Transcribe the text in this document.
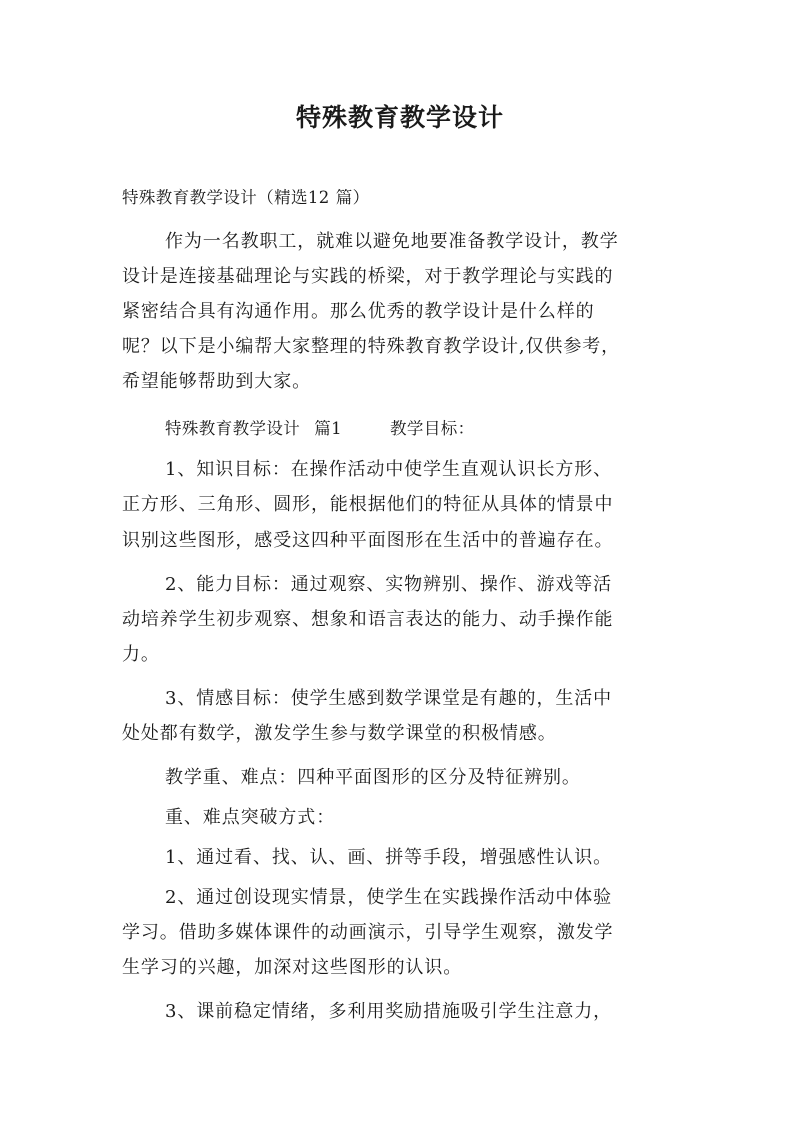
特殊教育教学设计
特殊教育教学设计（精选12 篇）
作为一名教职工，就难以避免地要准备教学设计，教学
设计是连接基础理论与实践的桥梁，对于教学理论与实践的
紧密结合具有沟通作用。那么优秀的教学设计是什么样的
呢？以下是小编帮大家整理的特殊教育教学设计,仅供参考，
希望能够帮助到大家。
特殊教育教学设计 篇1	教学目标：
1、知识目标：在操作活动中使学生直观认识长方形、
正方形、三角形、圆形，能根据他们的特征从具体的情景中
识别这些图形，感受这四种平面图形在生活中的普遍存在。
2、能力目标：通过观察、实物辨别、操作、游戏等活
动培养学生初步观察、想象和语言表达的能力、动手操作能
力。
3、情感目标：使学生感到数学课堂是有趣的，生活中
处处都有数学，激发学生参与数学课堂的积极情感。
教学重、难点：四种平面图形的区分及特征辨别。
重、难点突破方式：
1、通过看、找、认、画、拼等手段，增强感性认识。
2、通过创设现实情景，使学生在实践操作活动中体验
学习。借助多媒体课件的动画演示，引导学生观察，激发学
生学习的兴趣，加深对这些图形的认识。
3、课前稳定情绪，多利用奖励措施吸引学生注意力，
